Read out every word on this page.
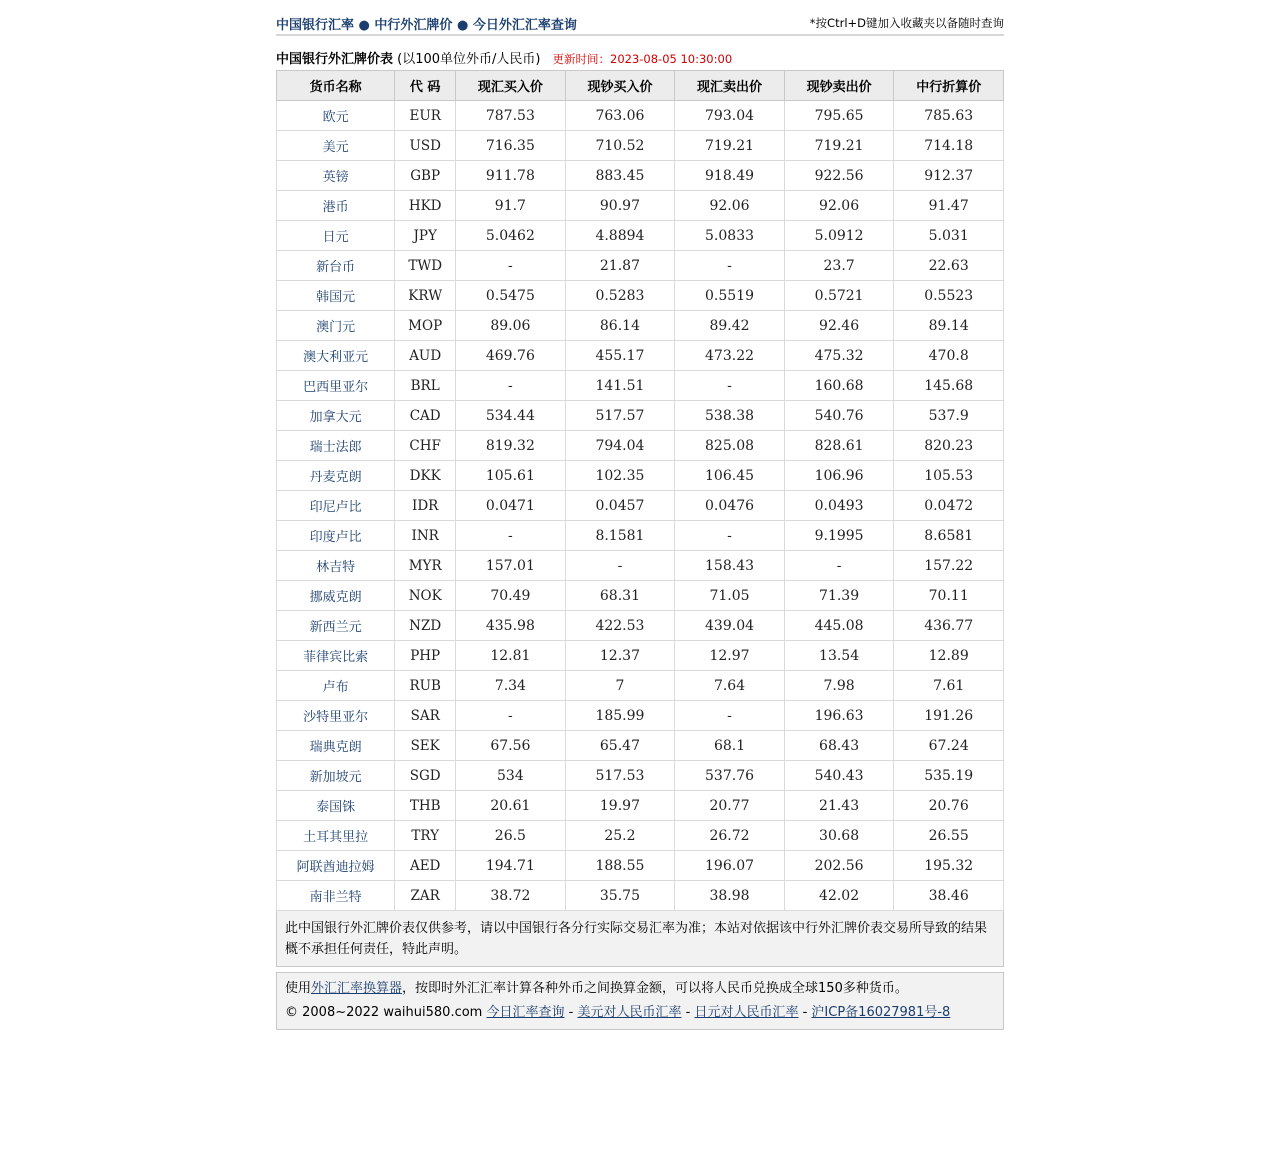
中国银行汇率 ● 中行外汇牌价 ● 今日外汇汇率查询	*按Ctrl+D键加入收藏夹以备随时查询
中国银行外汇牌价表 (以100单位外币/人民币) 更新时间：2023-08-05 10:30:00
货币名称	代 码	现汇买入价	现钞买入价	现汇卖出价	现钞卖出价	中行折算价
欧元	EUR	787.53	763.06	793.04	795.65	785.63
美元	USD	716.35	710.52	719.21	719.21	714.18
英镑	GBP	911.78	883.45	918.49	922.56	912.37
港币	HKD	91.7	90.97	92.06	92.06	91.47
日元	JPY	5.0462	4.8894	5.0833	5.0912	5.031
新台币	TWD	-	21.87	-	23.7	22.63
韩国元	KRW	0.5475	0.5283	0.5519	0.5721	0.5523
澳门元	MOP	89.06	86.14	89.42	92.46	89.14
澳大利亚元	AUD	469.76	455.17	473.22	475.32	470.8
巴西里亚尔	BRL	-	141.51	-	160.68	145.68
加拿大元	CAD	534.44	517.57	538.38	540.76	537.9
瑞士法郎	CHF	819.32	794.04	825.08	828.61	820.23
丹麦克朗	DKK	105.61	102.35	106.45	106.96	105.53
印尼卢比	IDR	0.0471	0.0457	0.0476	0.0493	0.0472
印度卢比	INR	-	8.1581	-	9.1995	8.6581
林吉特	MYR	157.01	-	158.43	-	157.22
挪威克朗	NOK	70.49	68.31	71.05	71.39	70.11
新西兰元	NZD	435.98	422.53	439.04	445.08	436.77
菲律宾比索	PHP	12.81	12.37	12.97	13.54	12.89
卢布	RUB	7.34	7	7.64	7.98	7.61
沙特里亚尔	SAR	-	185.99	-	196.63	191.26
瑞典克朗	SEK	67.56	65.47	68.1	68.43	67.24
新加坡元	SGD	534	517.53	537.76	540.43	535.19
泰国铢	THB	20.61	19.97	20.77	21.43	20.76
土耳其里拉	TRY	26.5	25.2	26.72	30.68	26.55
阿联酋迪拉姆	AED	194.71	188.55	196.07	202.56	195.32
南非兰特	ZAR	38.72	35.75	38.98	42.02	38.46
此中国银行外汇牌价表仅供参考，请以中国银行各分行实际交易汇率为准；本站对依据该中行外汇牌价表交易所导致的结果概不承担任何责任，特此声明。
使用外汇汇率换算器，按即时外汇汇率计算各种外币之间换算金额，可以将人民币兑换成全球150多种货币。
© 2008~2022 waihui580.com 今日汇率查询 - 美元对人民币汇率 - 日元对人民币汇率 - 沪ICP备16027981号-8
